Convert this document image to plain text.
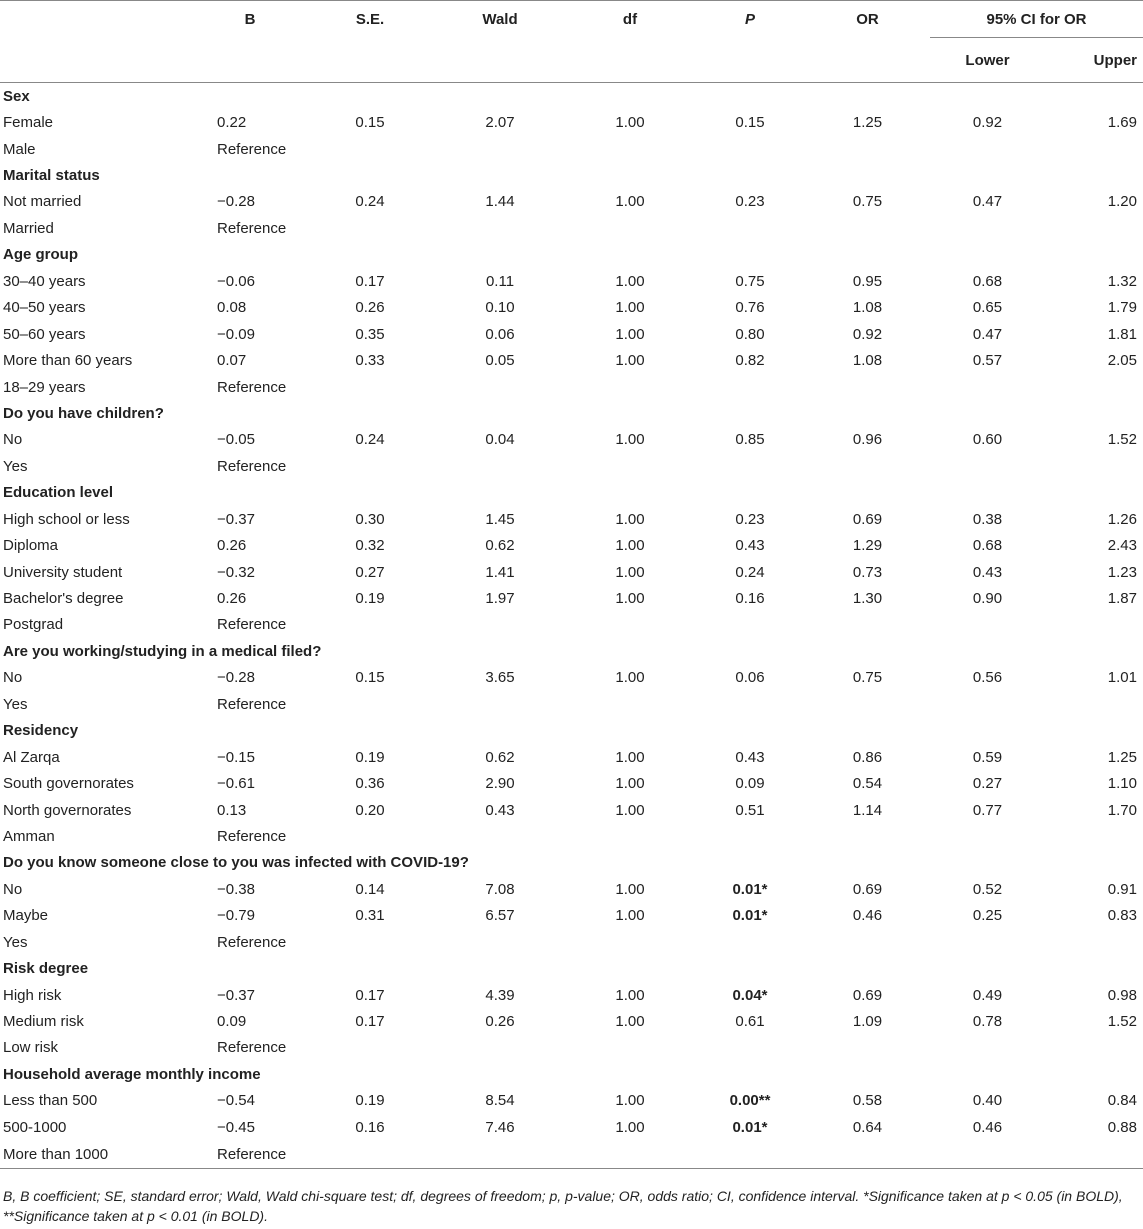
	B	S.E.	Wald	df	P	OR	95% CI for OR	
							Lower	Upper
Sex								
Female	0.22	0.15	2.07	1.00	0.15	1.25	0.92	1.69
Male	Reference							
Marital status								
Not married	−0.28	0.24	1.44	1.00	0.23	0.75	0.47	1.20
Married	Reference							
Age group								
30–40 years	−0.06	0.17	0.11	1.00	0.75	0.95	0.68	1.32
40–50 years	0.08	0.26	0.10	1.00	0.76	1.08	0.65	1.79
50–60 years	−0.09	0.35	0.06	1.00	0.80	0.92	0.47	1.81
More than 60 years	0.07	0.33	0.05	1.00	0.82	1.08	0.57	2.05
18–29 years	Reference							
Do you have children?								
No	−0.05	0.24	0.04	1.00	0.85	0.96	0.60	1.52
Yes	Reference							
Education level								
High school or less	−0.37	0.30	1.45	1.00	0.23	0.69	0.38	1.26
Diploma	0.26	0.32	0.62	1.00	0.43	1.29	0.68	2.43
University student	−0.32	0.27	1.41	1.00	0.24	0.73	0.43	1.23
Bachelor's degree	0.26	0.19	1.97	1.00	0.16	1.30	0.90	1.87
Postgrad	Reference							
Are you working/studying in a medical filed?								
No	−0.28	0.15	3.65	1.00	0.06	0.75	0.56	1.01
Yes	Reference							
Residency								
Al Zarqa	−0.15	0.19	0.62	1.00	0.43	0.86	0.59	1.25
South governorates	−0.61	0.36	2.90	1.00	0.09	0.54	0.27	1.10
North governorates	0.13	0.20	0.43	1.00	0.51	1.14	0.77	1.70
Amman	Reference							
Do you know someone close to you was infected with COVID-19?								
No	−0.38	0.14	7.08	1.00	0.01*	0.69	0.52	0.91
Maybe	−0.79	0.31	6.57	1.00	0.01*	0.46	0.25	0.83
Yes	Reference							
Risk degree								
High risk	−0.37	0.17	4.39	1.00	0.04*	0.69	0.49	0.98
Medium risk	0.09	0.17	0.26	1.00	0.61	1.09	0.78	1.52
Low risk	Reference							
Household average monthly income								
Less than 500	−0.54	0.19	8.54	1.00	0.00**	0.58	0.40	0.84
500-1000	−0.45	0.16	7.46	1.00	0.01*	0.64	0.46	0.88
More than 1000	Reference							
B, B coefficient; SE, standard error; Wald, Wald chi-square test; df, degrees of freedom; p, p-value; OR, odds ratio; CI, confidence interval. *Significance taken at p < 0.05 (in BOLD), **Significance taken at p < 0.01 (in BOLD).
